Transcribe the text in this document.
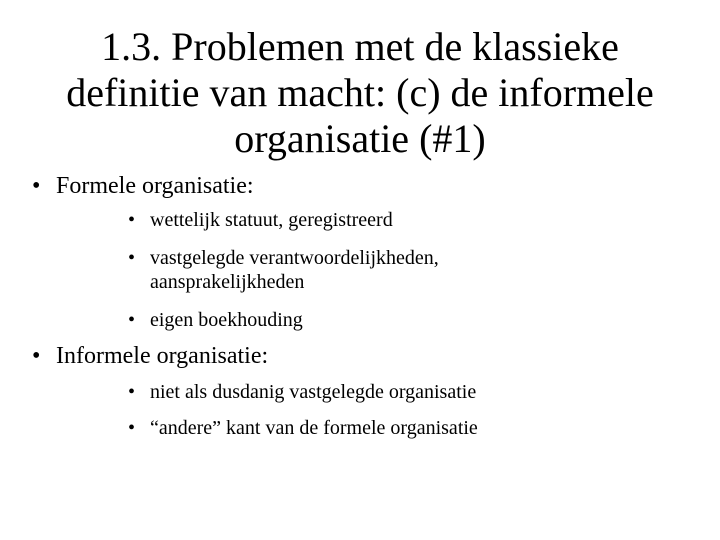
1.3. Problemen met de klassieke
definitie van macht: (c) de informele
organisatie (#1)
• Formele organisatie:
• wettelijk statuut, geregistreerd
• vastgelegde verantwoordelijkheden,
aansprakelijkheden
• eigen boekhouding
• Informele organisatie:
• niet als dusdanig vastgelegde organisatie
• “andere” kant van de formele organisatie
